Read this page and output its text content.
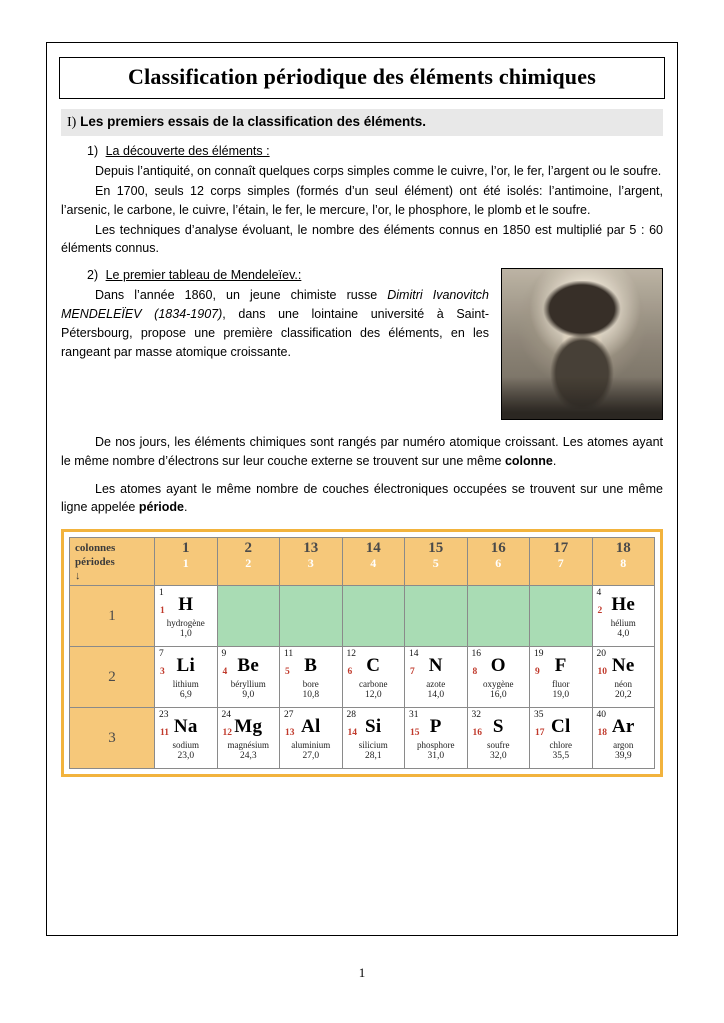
Classification périodique des éléments chimiques
I) Les premiers essais de la classification des éléments.
1) La découverte des éléments :

Depuis l’antiquité, on connaît quelques corps simples comme le cuivre, l’or, le fer, l’argent ou le soufre.

En 1700, seuls 12 corps simples (formés d’un seul élément) ont été isolés: l’antimoine, l’argent, l’arsenic, le carbone, le cuivre, l’étain, le fer, le mercure, l’or, le phosphore, le plomb et le soufre.

Les techniques d’analyse évoluant, le nombre des éléments connus en 1850 est multiplié par 5 : 60 éléments connus.

2) Le premier tableau de Mendeleïev.:

Dans l’année 1860, un jeune chimiste russe Dimitri Ivanovitch MENDELEÏEV (1834-1907), dans une lointaine université à Saint-Pétersbourg, propose une première classification des éléments, en les rangeant par masse atomique croissante.

De nos jours, les éléments chimiques sont rangés par numéro atomique croissant. Les atomes ayant le même nombre d’électrons sur leur couche externe se trouvent sur une même colonne.

Les atomes ayant le même nombre de couches électroniques occupées se trouvent sur une même ligne appelée période.

colonnes
périodes
↓
	1
1
	2
2
	13
3
	14
4
	15
5
	16
6
	17
7
	18
8

1	1
H
1
hydrogène
1,0							4
He
2
hélium
4,0

2	7
Li
3
lithium
6,9	9
Be
4
béryllium
9,0	11
B
5
bore
10,8	12
C
6
carbone
12,0	14
N
7
azote
14,0	16
O
8
oxygène
16,0	19
F
9
fluor
19,0	20
Ne
10
néon
20,2

3	23
Na
11
sodium
23,0	24
Mg
12
magnésium
24,3	27
Al
13
aluminium
27,0	28
Si
14
silicium
28,1	31
P
15
phosphore
31,0	32
S
16
soufre
32,0	35
Cl
17
chlore
35,5	40
Ar
18
argon
39,9
1
